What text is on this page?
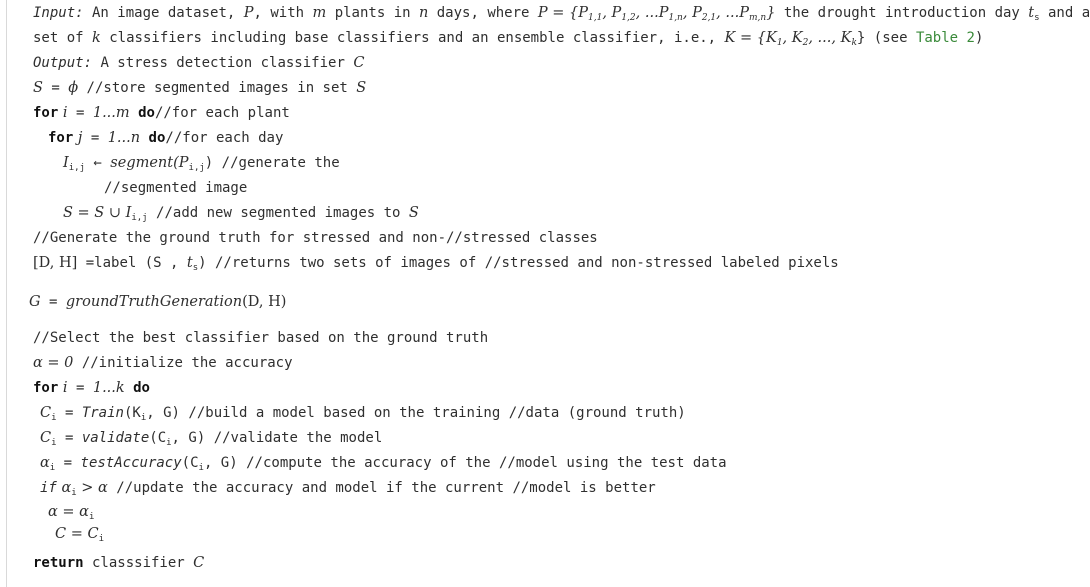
Input: An image dataset, P, with m plants in n days, where $P = \{P_{1,1}$, $P_{1,2}$, $...P_{1,n}$, $P_{2,1}$, $...P_{m,n}$} the drought introduction day $t_s$ and a
set of k classifiers including base classifiers and an ensemble classifier, i.e., $K = \{K_1$, $K_2$, ..., $K_k$} (see Table 2)
Output: A stress detection classifier C
S = ϕ //store segmented images in set S
for i = 1...m do//for each plant
for j = 1...n do//for each day
$I_{i,j}$ ← $segment(P_{i,j})$ //generate the
//segmented image
S = S ∪ $I_{i,j}$ //add new segmented images to S
//Generate the ground truth for stressed and non-//stressed classes
[D, H] =label (S , $t_s$) //returns two sets of images of //stressed and non-stressed labeled pixels
G = groundTruthGeneration(D, H)
//Select the best classifier based on the ground truth
α = 0 //initialize the accuracy
for i = 1...k do
$C_i$ = $Train(K_i$, G) //build a model based on the training //data (ground truth)
$C_i$ = $validate(C_i$, G) //validate the model
$\alpha_i$ = $testAccuracy(C_i$, G) //compute the accuracy of the //model using the test data
if $\alpha_i > \alpha$ //update the accuracy and model if the current //model is better
$\alpha = \alpha_i$
$C = C_i$
return classsifier C
